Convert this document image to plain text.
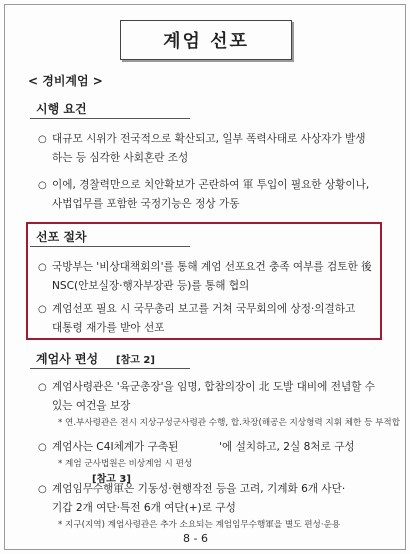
계엄 선포
< 경비계엄 >
시행 요건
○ 대규모 시위가 전국적으로 확산되고, 일부 폭력사태로 사상자가 발생
하는 등 심각한 사회혼란 조성
○ 이에, 경찰력만으로 치안확보가 곤란하여 軍 투입이 필요한 상황이나,
사법업무를 포함한 국정기능은 정상 가동
선포 절차
○ 국방부는 '비상대책회의'를 통해 계엄 선포요건 충족 여부를 검토한 後
NSC(안보실장·행자부장관 등)를 통해 협의
○ 계엄선포 필요 시 국무총리 보고를 거쳐 국무회의에 상정·의결하고
대통령 재가를 받아 선포
계엄사 편성 [참고 2]
○ 계엄사령관은 '육군총장'을 임명, 합참의장이 北 도발 대비에 전념할 수
있는 여건을 보장
* 연.부사령관은 전시 지상구성군사령관 수행, 합.차장(해공은 지상형력 지휘 체한 등 부적합
○ 계엄사는 C4I체계가 구축된	'에 설치하고, 2실 8처로 구성
* 계엄 군사법원은 비상계엄 시 편성
[참고 3]
○ 계엄임무수행軍은 기동성·현행작전 등을 고려, 기계화 6개 사단·
기갑 2개 여단·특전 6개 여단(+)로 구성
* 지구(지역) 계엄사령관은 추가 소요되는 계엄임무수행軍을 별도 편성·운용
8 - 6
